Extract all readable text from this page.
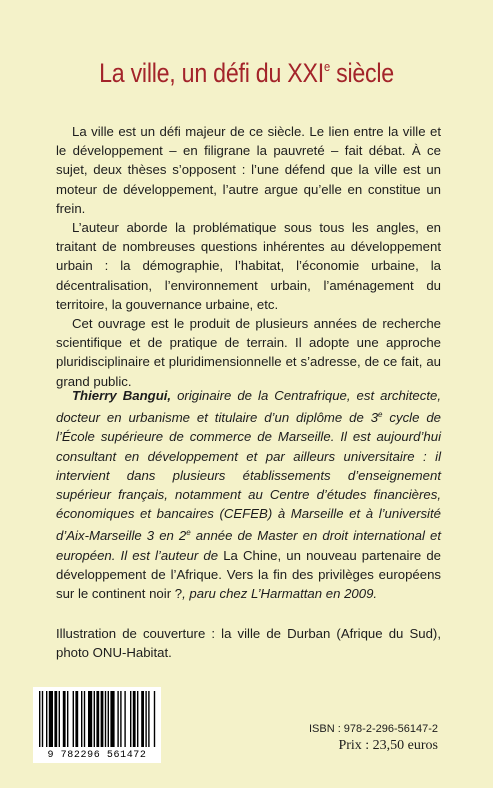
La ville, un défi du XXIe siècle

La ville est un défi majeur de ce siècle. Le lien entre la ville et le développement – en filigrane la pauvreté – fait débat. À ce sujet, deux thèses s’opposent : l’une défend que la ville est un moteur de développement, l’autre argue qu’elle en constitue un frein.

L’auteur aborde la problématique sous tous les angles, en traitant de nombreuses questions inhérentes au développement urbain : la démographie, l’habitat, l’économie urbaine, la décentralisation, l’environnement urbain, l’aménagement du territoire, la gouvernance urbaine, etc.

Cet ouvrage est le produit de plusieurs années de recherche scientifique et de pratique de terrain. Il adopte une approche pluridisciplinaire et pluridimensionnelle et s’adresse, de ce fait, au grand public.

Thierry Bangui, originaire de la Centrafrique, est architecte, docteur en urbanisme et titulaire d’un diplôme de 3e cycle de l’École supérieure de commerce de Marseille. Il est aujourd’hui consultant en développement et par ailleurs universitaire : il intervient dans plusieurs établissements d’enseignement supérieur français, notamment au Centre d’études financières, économiques et bancaires (CEFEB) à Marseille et à l’université d’Aix-Marseille 3 en 2e année de Master en droit international et européen. Il est l’auteur de La Chine, un nouveau partenaire de développement de l’Afrique. Vers la fin des privilèges européens sur le continent noir ?, paru chez L’Harmattan en 2009.

Illustration de couverture : la ville de Durban (Afrique du Sud), photo ONU-Habitat.

9 782296 561472
ISBN : 978-2-296-56147-2
Prix : 23,50 euros
